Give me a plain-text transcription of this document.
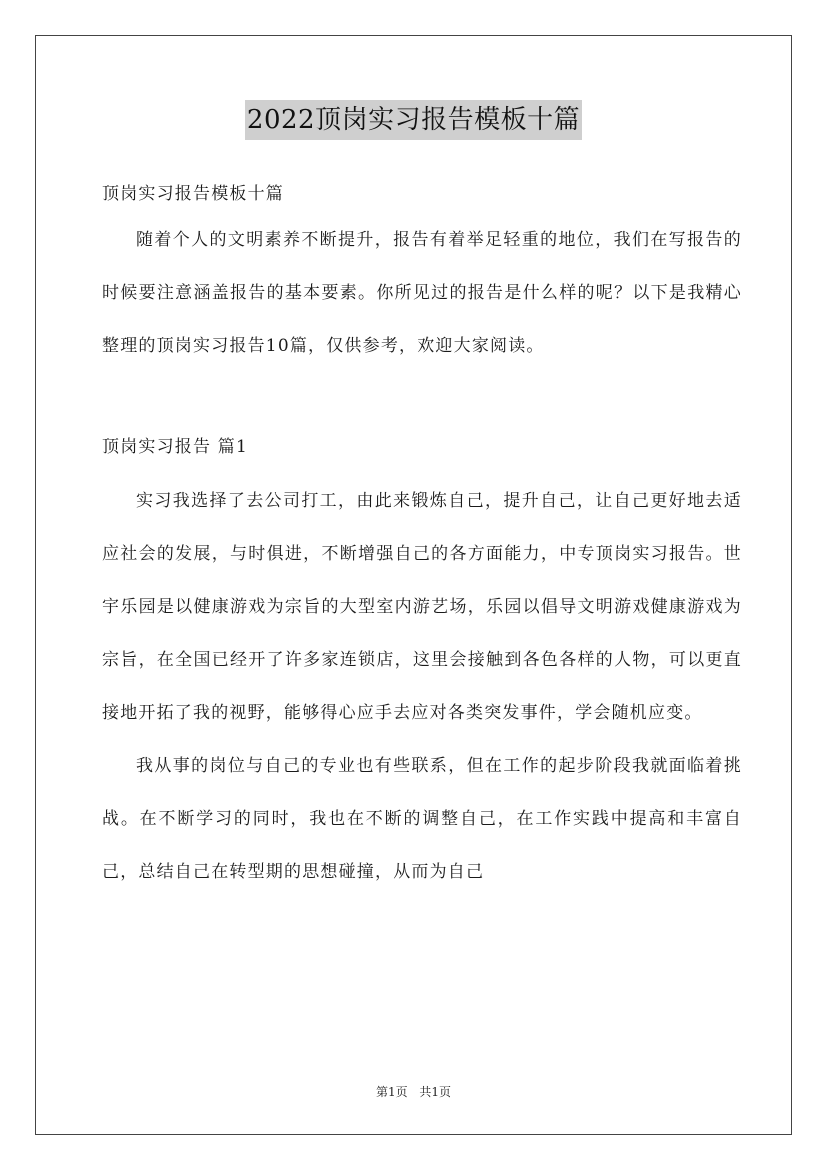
2022顶岗实习报告模板十篇

顶岗实习报告模板十篇

随着个人的文明素养不断提升，报告有着举足轻重的地位，我们在写报告的时候要注意涵盖报告的基本要素。你所见过的报告是什么样的呢？以下是我精心整理的顶岗实习报告10篇，仅供参考，欢迎大家阅读。

顶岗实习报告 篇1

实习我选择了去公司打工，由此来锻炼自己，提升自己，让自己更好地去适应社会的发展，与时俱进，不断增强自己的各方面能力，中专顶岗实习报告。世宇乐园是以健康游戏为宗旨的大型室内游艺场，乐园以倡导文明游戏健康游戏为宗旨，在全国已经开了许多家连锁店，这里会接触到各色各样的人物，可以更直接地开拓了我的视野，能够得心应手去应对各类突发事件，学会随机应变。

我从事的岗位与自己的专业也有些联系，但在工作的起步阶段我就面临着挑战。在不断学习的同时，我也在不断的调整自己，在工作实践中提高和丰富自己，总结自己在转型期的思想碰撞，从而为自己

第1页 共1页
